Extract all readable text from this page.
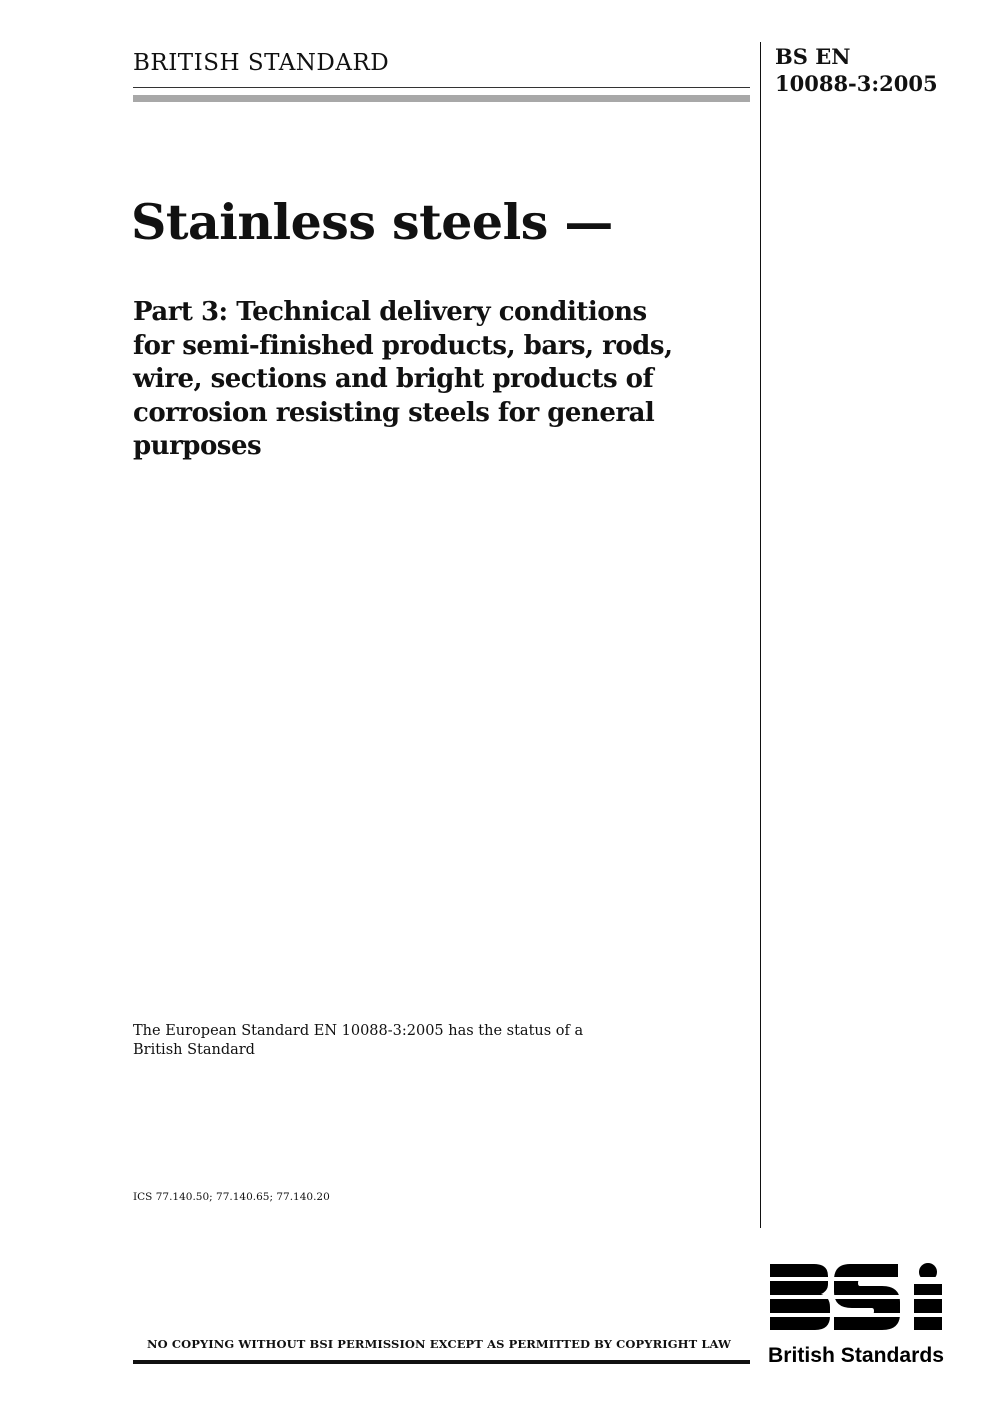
BRITISH STANDARD	BS EN
10088-3:2005
Stainless steels —
Part 3: Technical delivery conditions
for semi-finished products, bars, rods,
wire, sections and bright products of
corrosion resisting steels for general
purposes
The European Standard EN 10088-3:2005 has the status of a
British Standard
ICS 77.140.50; 77.140.65; 77.140.20
NO COPYING WITHOUT BSI PERMISSION EXCEPT AS PERMITTED BY COPYRIGHT LAW British Standards
